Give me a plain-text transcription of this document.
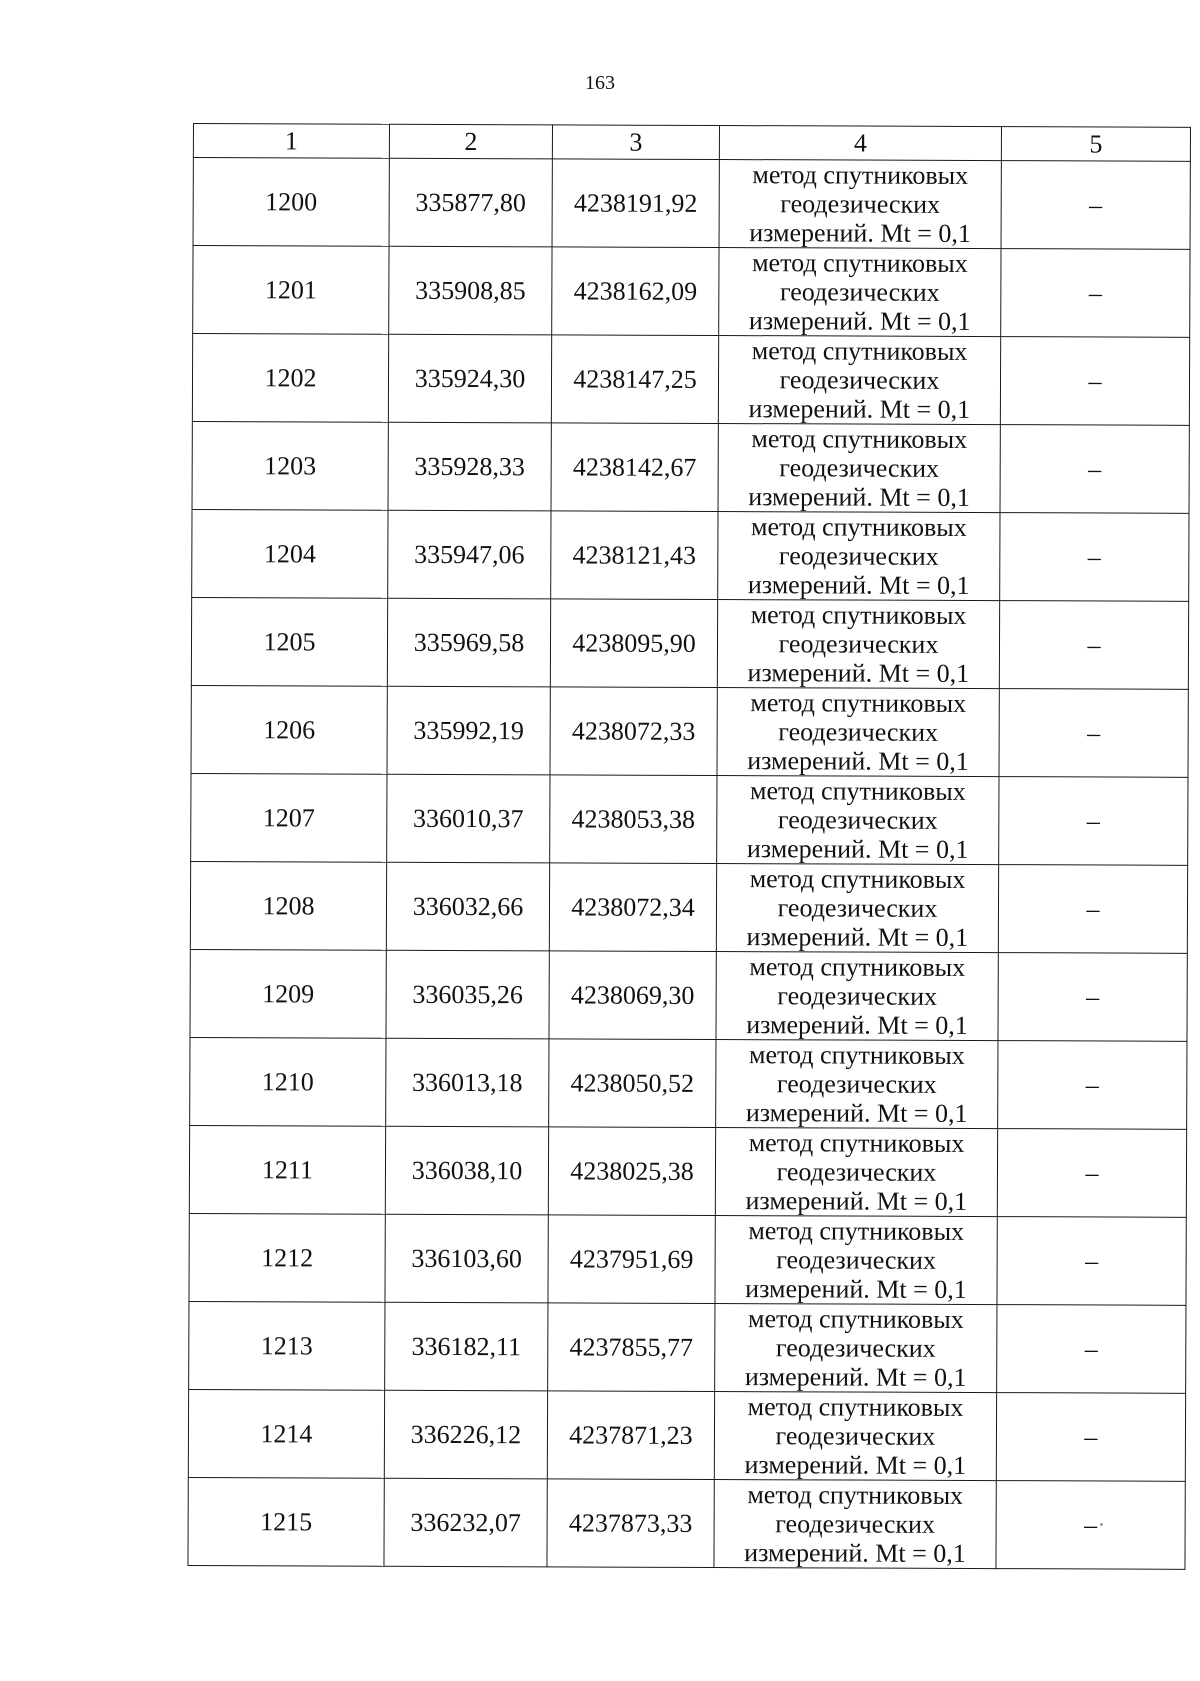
163
1	2	3	4	5
1200	335877,80	4238191,92	метод спутниковых
геодезических
измерений. Mt = 0,1	–
1201	335908,85	4238162,09	метод спутниковых
геодезических
измерений. Mt = 0,1	–
1202	335924,30	4238147,25	метод спутниковых
геодезических
измерений. Mt = 0,1	–
1203	335928,33	4238142,67	метод спутниковых
геодезических
измерений. Mt = 0,1	–
1204	335947,06	4238121,43	метод спутниковых
геодезических
измерений. Mt = 0,1	–
1205	335969,58	4238095,90	метод спутниковых
геодезических
измерений. Mt = 0,1	–
1206	335992,19	4238072,33	метод спутниковых
геодезических
измерений. Mt = 0,1	–
1207	336010,37	4238053,38	метод спутниковых
геодезических
измерений. Mt = 0,1	–
1208	336032,66	4238072,34	метод спутниковых
геодезических
измерений. Mt = 0,1	–
1209	336035,26	4238069,30	метод спутниковых
геодезических
измерений. Mt = 0,1	–
1210	336013,18	4238050,52	метод спутниковых
геодезических
измерений. Mt = 0,1	–
1211	336038,10	4238025,38	метод спутниковых
геодезических
измерений. Mt = 0,1	–
1212	336103,60	4237951,69	метод спутниковых
геодезических
измерений. Mt = 0,1	–
1213	336182,11	4237855,77	метод спутниковых
геодезических
измерений. Mt = 0,1	–
1214	336226,12	4237871,23	метод спутниковых
геодезических
измерений. Mt = 0,1	–
1215	336232,07	4237873,33	метод спутниковых
геодезических
измерений. Mt = 0,1	–
